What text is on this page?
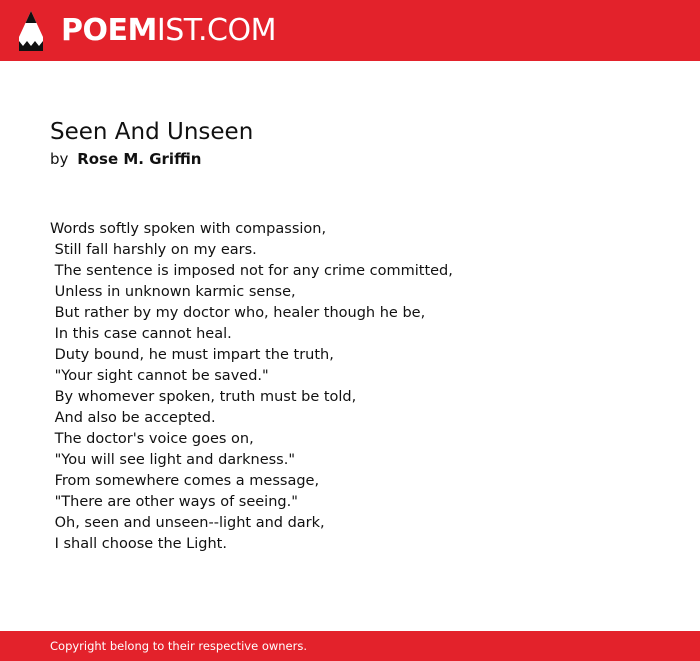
POEMIST.COM
Seen And Unseen
by Rose M. Griffin
Words softly spoken with compassion,
Still fall harshly on my ears.
The sentence is imposed not for any crime committed,
Unless in unknown karmic sense,
But rather by my doctor who, healer though he be,
In this case cannot heal.
Duty bound, he must impart the truth,
"Your sight cannot be saved."
By whomever spoken, truth must be told,
And also be accepted.
The doctor's voice goes on,
"You will see light and darkness."
From somewhere comes a message,
"There are other ways of seeing."
Oh, seen and unseen--light and dark,
I shall choose the Light.
Copyright belong to their respective owners.
